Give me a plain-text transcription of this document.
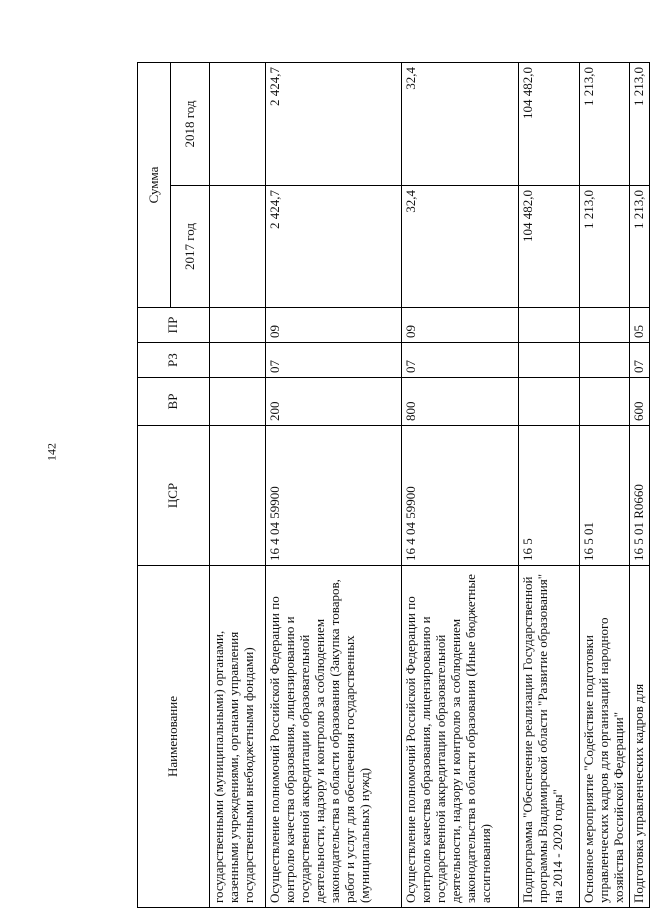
142
Наименование	ЦСР	ВР	РЗ	ПР	Сумма	
					2017 год	2018 год
государственными (муниципальными) органами, казенными учреждениями, органами управления государственными внебюджетными фондами)						
Осуществление полномочий Российской Федерации по контролю качества образования, лицензированию и государственной аккредитации образовательной деятельности, надзору и контролю за соблюдением законодательства в области образования (Закупка товаров, работ и услуг для обеспечения государственных (муниципальных) нужд)	16 4 04 59900	200	07	09	2 424,7	2 424,7
Осуществление полномочий Российской Федерации по контролю качества образования, лицензированию и государственной аккредитации образовательной деятельности, надзору и контролю за соблюдением законодательства в области образования (Иные бюджетные ассигнования)	16 4 04 59900	800	07	09	32,4	32,4
Подпрограмма "Обеспечение реализации Государственной программы Владимирской области "Развитие образования" на 2014 - 2020 годы"	16 5				104 482,0	104 482,0
Основное мероприятие "Содействие подготовки управленческих кадров для организаций народного хозяйства Российской Федерации"	16 5 01				1 213,0	1 213,0
Подготовка управленческих кадров для	16 5 01 R0660	600	07	05	1 213,0	1 213,0
